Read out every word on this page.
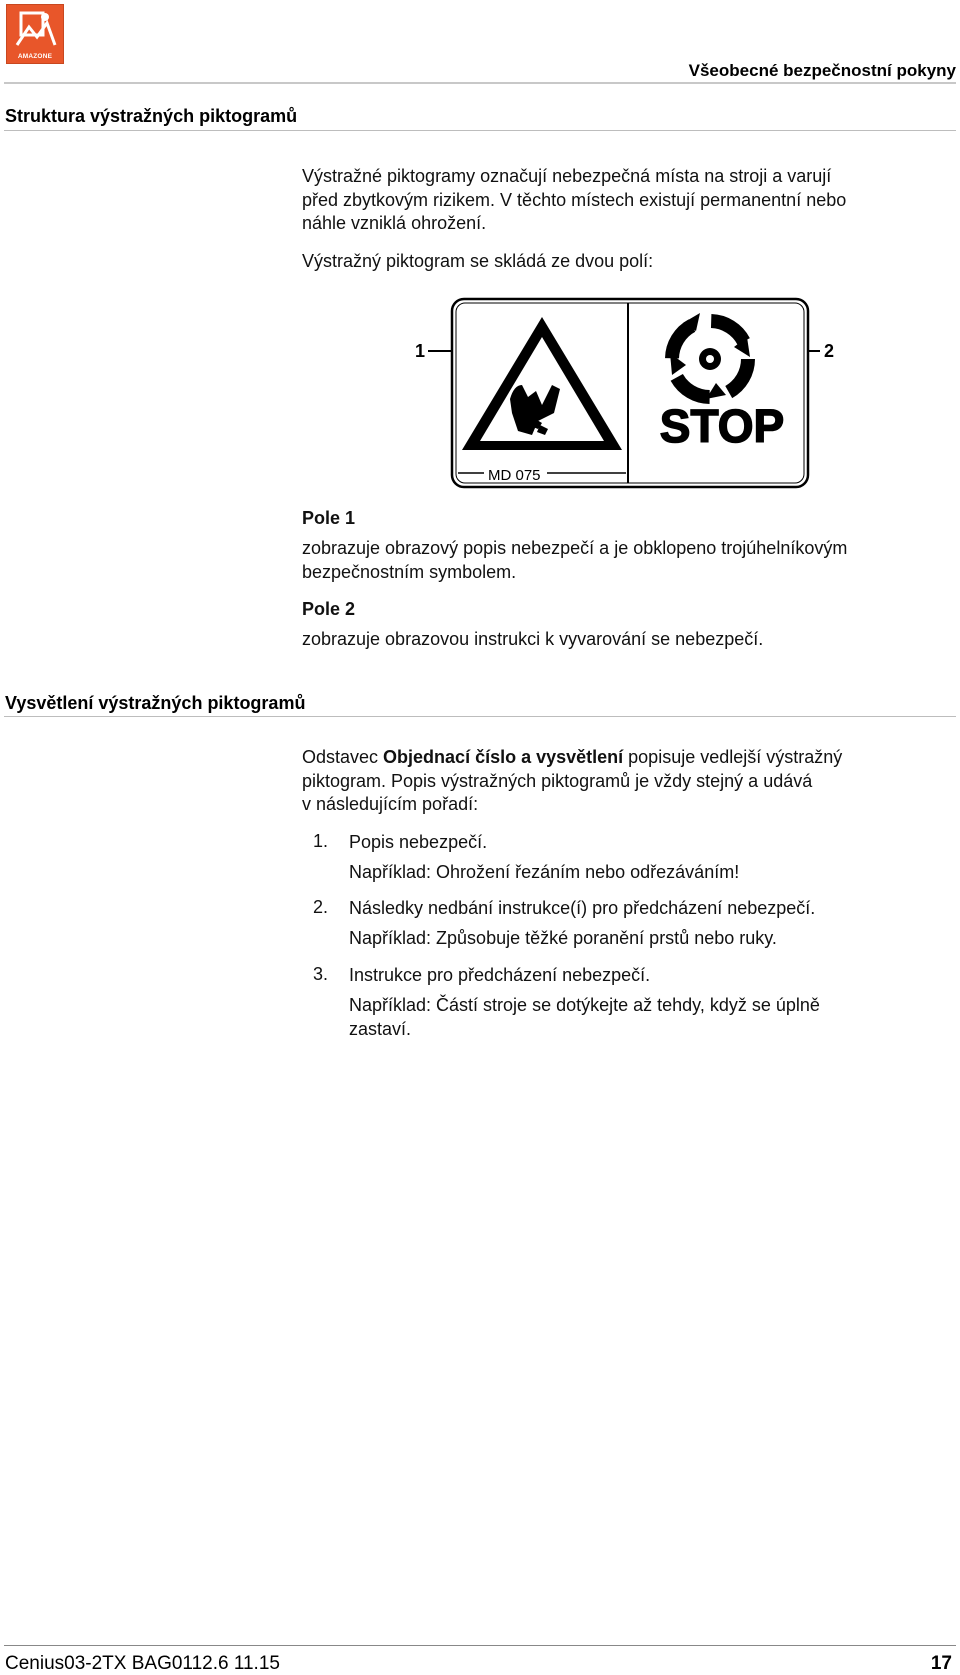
AMAZONE
Všeobecné bezpečnostní pokyny
Struktura výstražných piktogramů
Výstražné piktogramy označují nebezpečná místa na stroji a varují
před zbytkovým rizikem. V těchto místech existují permanentní nebo
náhle vzniklá ohrožení.
Výstražný piktogram se skládá ze dvou polí:
1	2
MD 075
STOP
Pole 1
zobrazuje obrazový popis nebezpečí a je obklopeno trojúhelníkovým
bezpečnostním symbolem.
Pole 2
zobrazuje obrazovou instrukci k vyvarování se nebezpečí.
Vysvětlení výstražných piktogramů
Odstavec Objednací číslo a vysvětlení popisuje vedlejší výstražný
piktogram. Popis výstražných piktogramů je vždy stejný a udává
v následujícím pořadí:
1. Popis nebezpečí.
Například: Ohrožení řezáním nebo odřezáváním!
2. Následky nedbání instrukce(í) pro předcházení nebezpečí.
Například: Způsobuje těžké poranění prstů nebo ruky.
3. Instrukce pro předcházení nebezpečí.
Například: Částí stroje se dotýkejte až tehdy, když se úplně
zastaví.
Cenius03-2TX BAG0112.6 11.15	17
